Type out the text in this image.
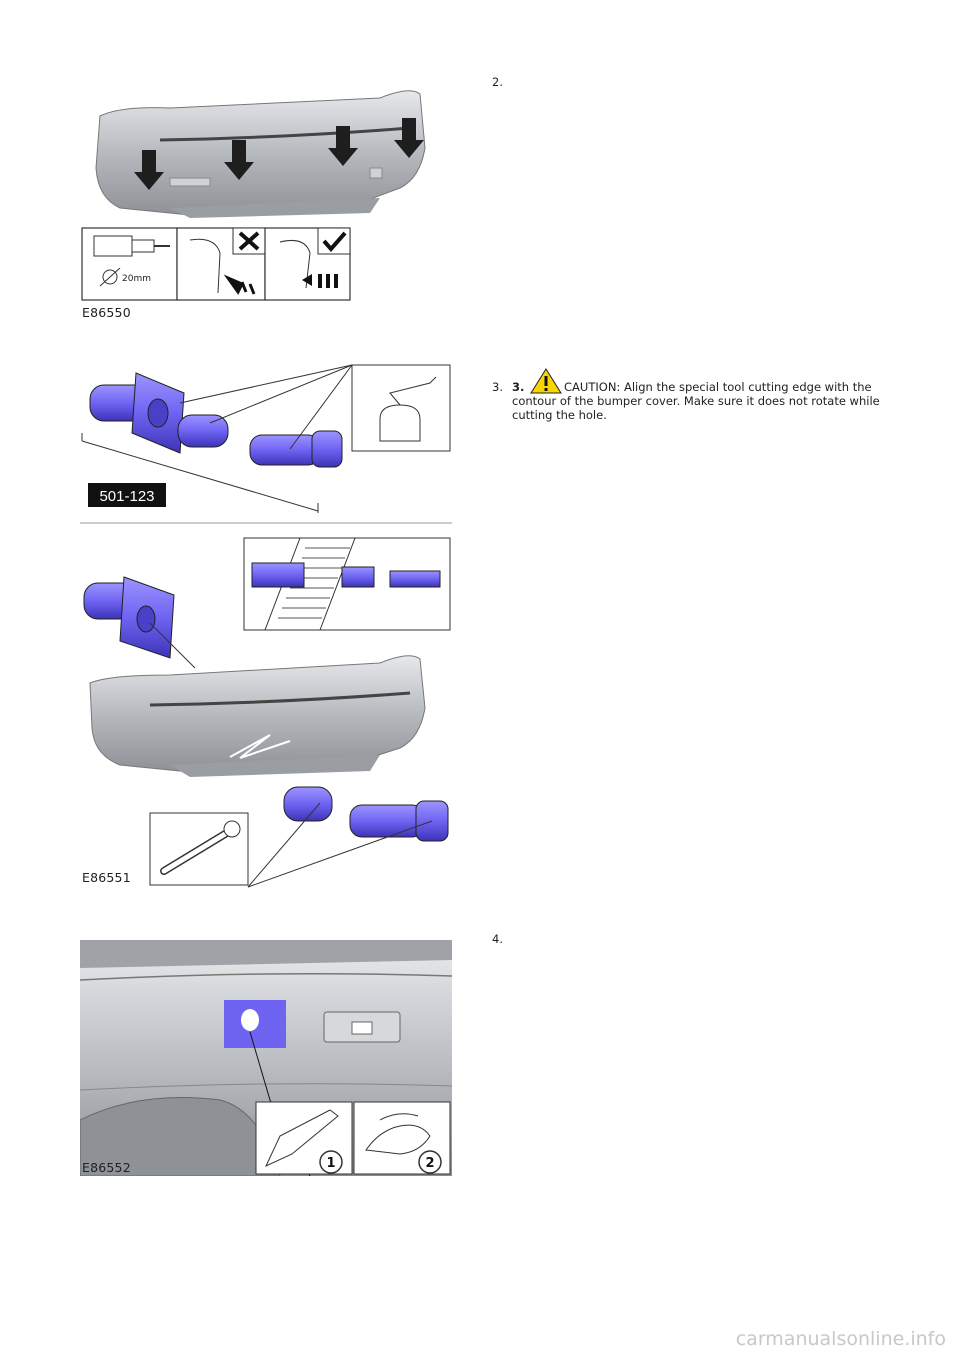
20mm
E86550
2.
501-123
E86551
3. 3.	CAUTION: Align the special tool cutting edge with the contour of the bumper cover. Make sure it does not rotate while cutting the hole.
1	2
E86552
4.
carmanualsonline.info
